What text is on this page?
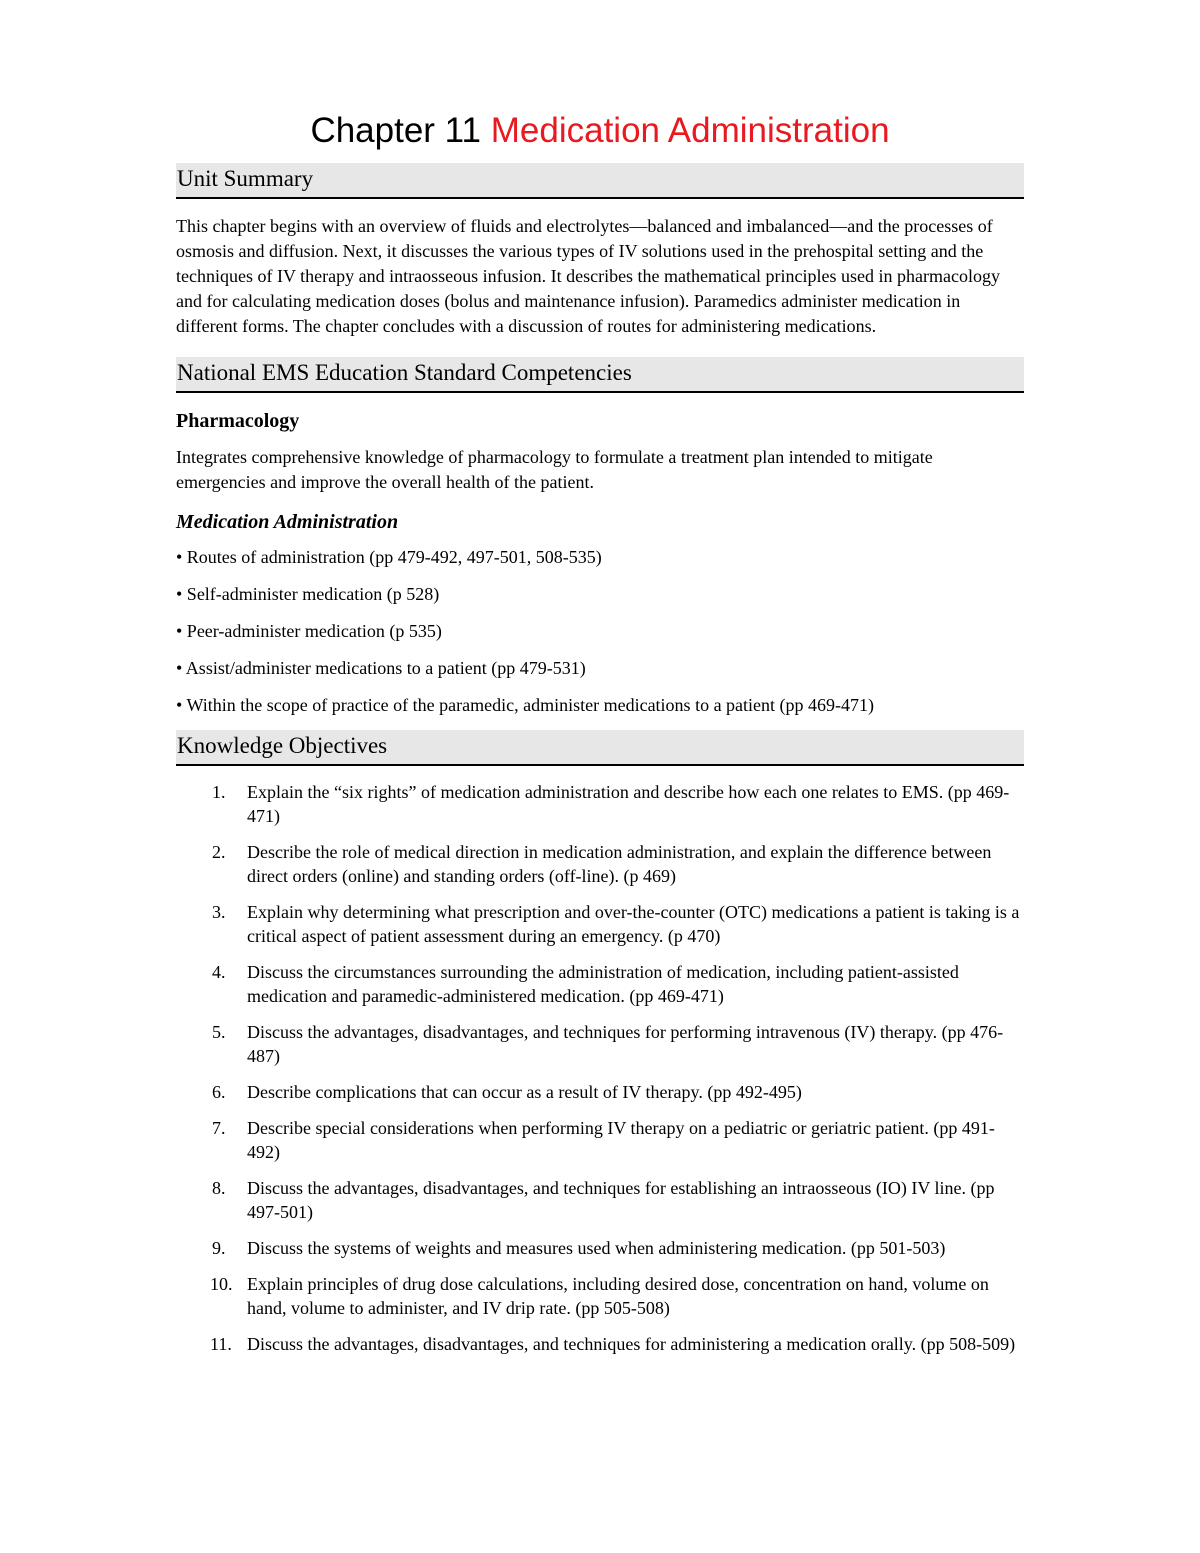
Chapter 11 Medication Administration
Unit Summary

This chapter begins with an overview of fluids and electrolytes—balanced and imbalanced—and the processes of osmosis and diffusion. Next, it discusses the various types of IV solutions used in the prehospital setting and the techniques of IV therapy and intraosseous infusion. It describes the mathematical principles used in pharmacology and for calculating medication doses (bolus and maintenance infusion). Paramedics administer medication in different forms. The chapter concludes with a discussion of routes for administering medications.

National EMS Education Standard Competencies
Pharmacology

Integrates comprehensive knowledge of pharmacology to formulate a treatment plan intended to mitigate emergencies and improve the overall health of the patient.

Medication Administration
• Routes of administration (pp 479-492, 497-501, 508-535)
• Self-administer medication (p 528)
• Peer-administer medication (p 535)
• Assist/administer medications to a patient (pp 479-531)
• Within the scope of practice of the paramedic, administer medications to a patient (pp 469-471)
Knowledge Objectives
1.	Explain the “six rights” of medication administration and describe how each one relates to EMS. (pp 469-471)
2.	Describe the role of medical direction in medication administration, and explain the difference between direct orders (online) and standing orders (off-line). (p 469)
3.	Explain why determining what prescription and over-the-counter (OTC) medications a patient is taking is a critical aspect of patient assessment during an emergency. (p 470)
4.	Discuss the circumstances surrounding the administration of medication, including patient-assisted medication and paramedic-administered medication. (pp 469-471)
5.	Discuss the advantages, disadvantages, and techniques for performing intravenous (IV) therapy. (pp 476-487)
6.	Describe complications that can occur as a result of IV therapy. (pp 492-495)
7.	Describe special considerations when performing IV therapy on a pediatric or geriatric patient. (pp 491-492)
8.	Discuss the advantages, disadvantages, and techniques for establishing an intraosseous (IO) IV line. (pp 497-501)
9.	Discuss the systems of weights and measures used when administering medication. (pp 501-503)
10. Explain principles of drug dose calculations, including desired dose, concentration on hand, volume on hand, volume to administer, and IV drip rate. (pp 505-508)
11. Discuss the advantages, disadvantages, and techniques for administering a medication orally. (pp 508-509)
